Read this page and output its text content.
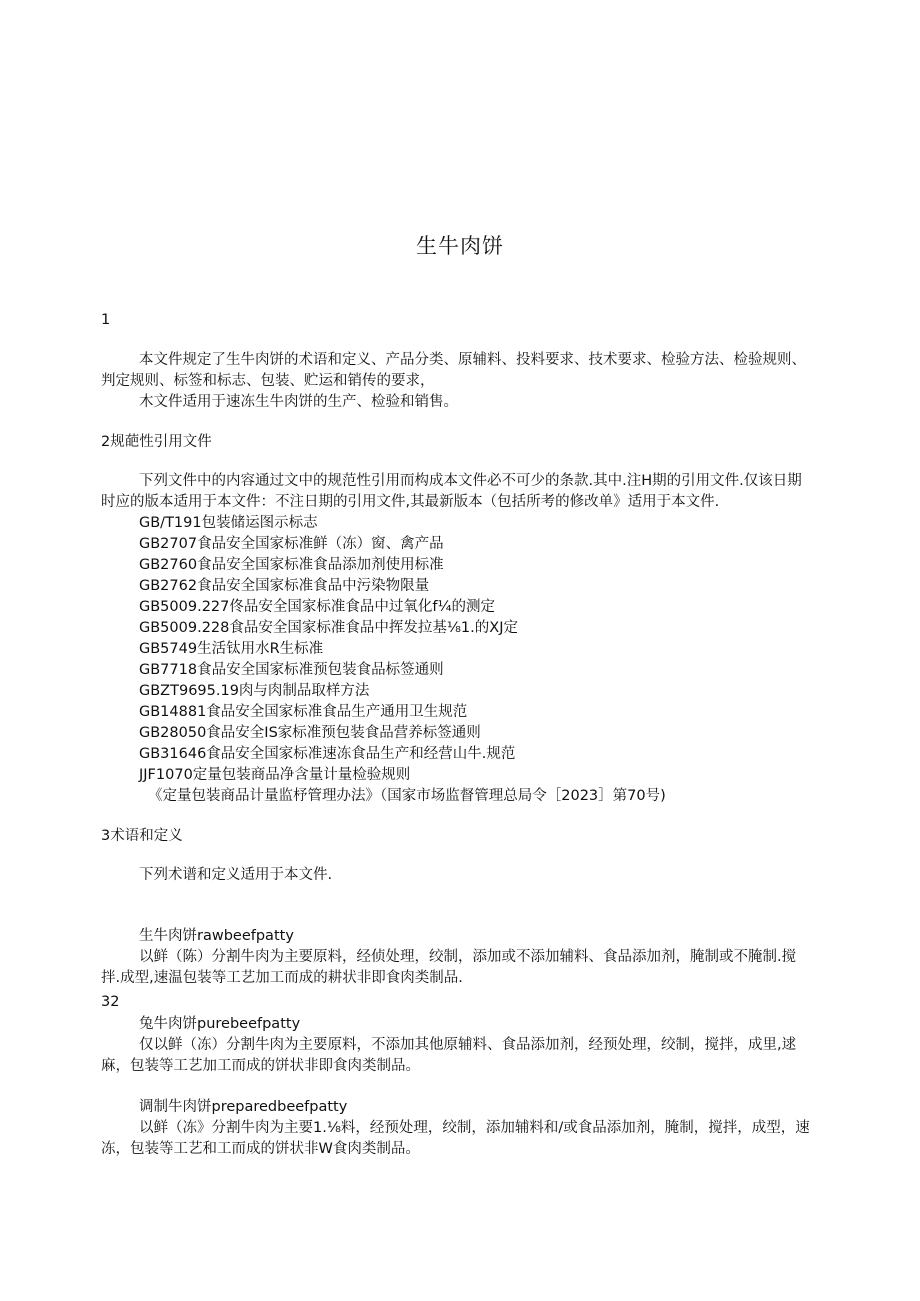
生牛肉饼
1
本文件规定了生牛肉饼的术语和定义、产品分类、原辅料、投料要求、技术要求、检验方法、检验规则、
判定规则、标签和标志、包装、贮运和销传的要求，
木文件适用于速冻生牛肉饼的生产、检验和销售。
2规葩性引用文件
下列文件中的内容通过文中的规范性引用而构成本文件必不可少的条款.其中.注H期的引用文件.仅该日期
时应的版本适用于本文件：不注日期的引用文件,其最新版本（包括所考的修改单》适用于本文件.
GB/T191包装储运图示标志
GB2707食品安全国家标准鲜（冻）窗、禽产品
GB2760食品安全国家标准食品添加剂使用标准
GB2762食品安全国家标准食品中污染物限量
GB5009.227佟品安全国家标准食品中过氧化f¼的测定
GB5009.228食品安全国家标准食品中挥发拉基⅛1.的XJ定
GB5749生活钛用水R生标准
GB7718食品安全国家标准预包装食品标签通则
GBZT9695.19肉与肉制品取样方法
GB14881食品安全国家标准食品生产通用卫生规范
GB28050食品安全IS家标准预包装食品营养标签通则
GB31646食品安全国家标准速冻食品生产和经营山牛.规范
JJF1070定量包装商品净含量计量检验规则
《定量包装商品计量监杼管理办法》（国家市场监督管理总局令［2023］第70号)
3术语和定义
下列术谱和定义适用于本文件.
生牛肉饼rawbeefpatty
以鲜（陈）分割牛肉为主要原料，经侦处理，绞制，添加或不添加辅料、食品添加剂，腌制或不腌制.搅
拌.成型,速温包装等工艺加工而成的耕状非即食肉类制品.
32
兔牛肉饼purebeefpatty
仅以鲜（冻）分割牛肉为主要原料，不添加其他原辅料、食品添加剂，经预处理，绞制，搅拌，成里,逑
麻，包装等工艺加工而成的饼状非即食肉类制品。
调制牛肉饼preparedbeefpatty
以鲜（冻》分割牛肉为主要1.⅛料，经预处理，绞制，添加辅料和/或食品添加剂，腌制，搅拌，成型，速
冻，包装等工艺和工而成的饼状非W食肉类制品。
